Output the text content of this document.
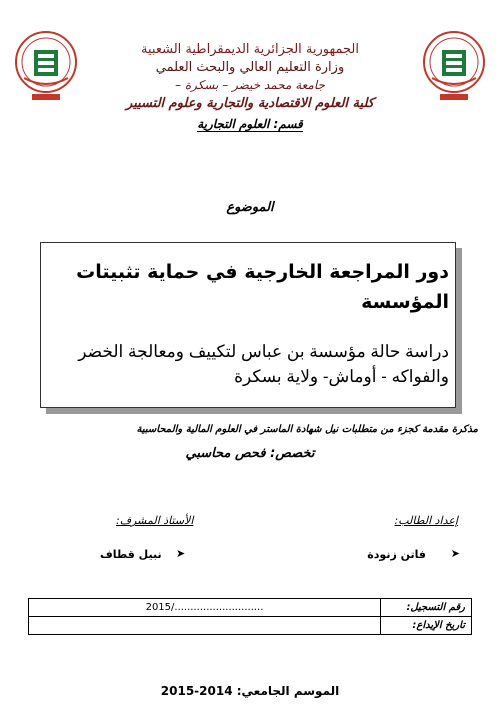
الجمهورية الجزائرية الديمقراطية الشعبية
وزارة التعليم العالي والبحث العلمي
جامعة محمد خيضر – بسكرة –
كلية العلوم الاقتصادية والتجارية وعلوم التسيير
قسم: العلوم التجارية
الموضوع
دور المراجعة الخارجية في حماية تثبيتات المؤسسة
دراسة حالة مؤسسة بن عباس لتكييف ومعالجة الخضر والفواكه - أوماش- ولاية بسكرة
مذكرة مقدمة كجزء من متطلبات نيل شهادة الماستر في العلوم المالية والمحاسبية
تخصص: فحص محاسبي
إعداد الطالب:
الأستاذ المشرف:
➤
فاتن زنودة
➤
نبيل قطاف
رقم التسجيل:	............................/2015
تاريخ الإيداع:	
الموسم الجامعي: 2014-2015
